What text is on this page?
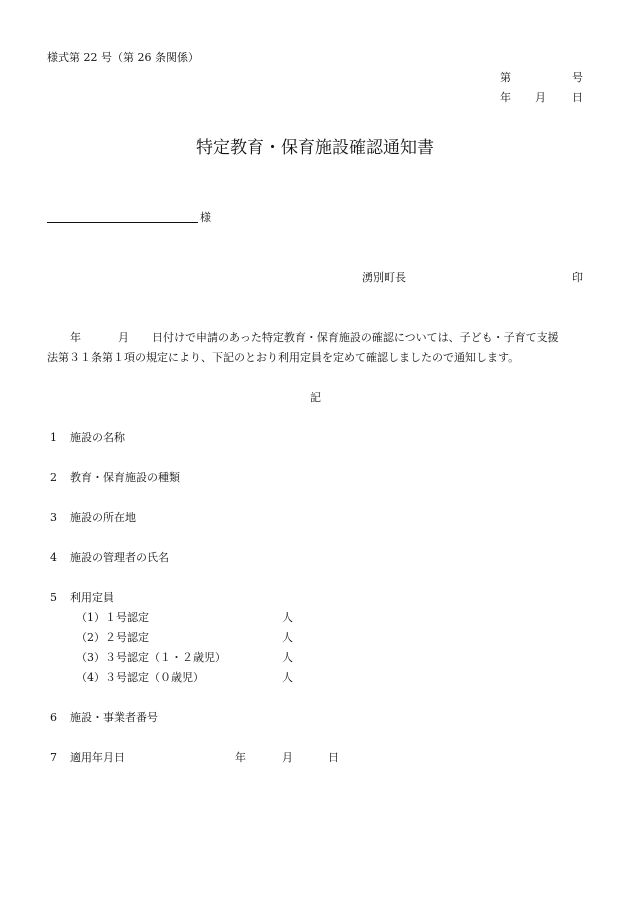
様式第 22 号（第 26 条関係）
第	号
年 月 日
特定教育・保育施設確認通知書
様
湧別町長	印
年	月 日付けで申請のあった特定教育・保育施設の確認については、子ども・子育て支援
法第３１条第１項の規定により、下記のとおり利用定員を定めて確認しましたので通知します。
記
1 施設の名称
2 教育・保育施設の種類
3 施設の所在地
4 施設の管理者の氏名
5 利用定員
（1）１号認定	人
（2）２号認定	人
（3）３号認定（１・２歳児）	人
（4）３号認定（０歳児）	人
6 施設・事業者番号
7 適用年月日	年	月	日
